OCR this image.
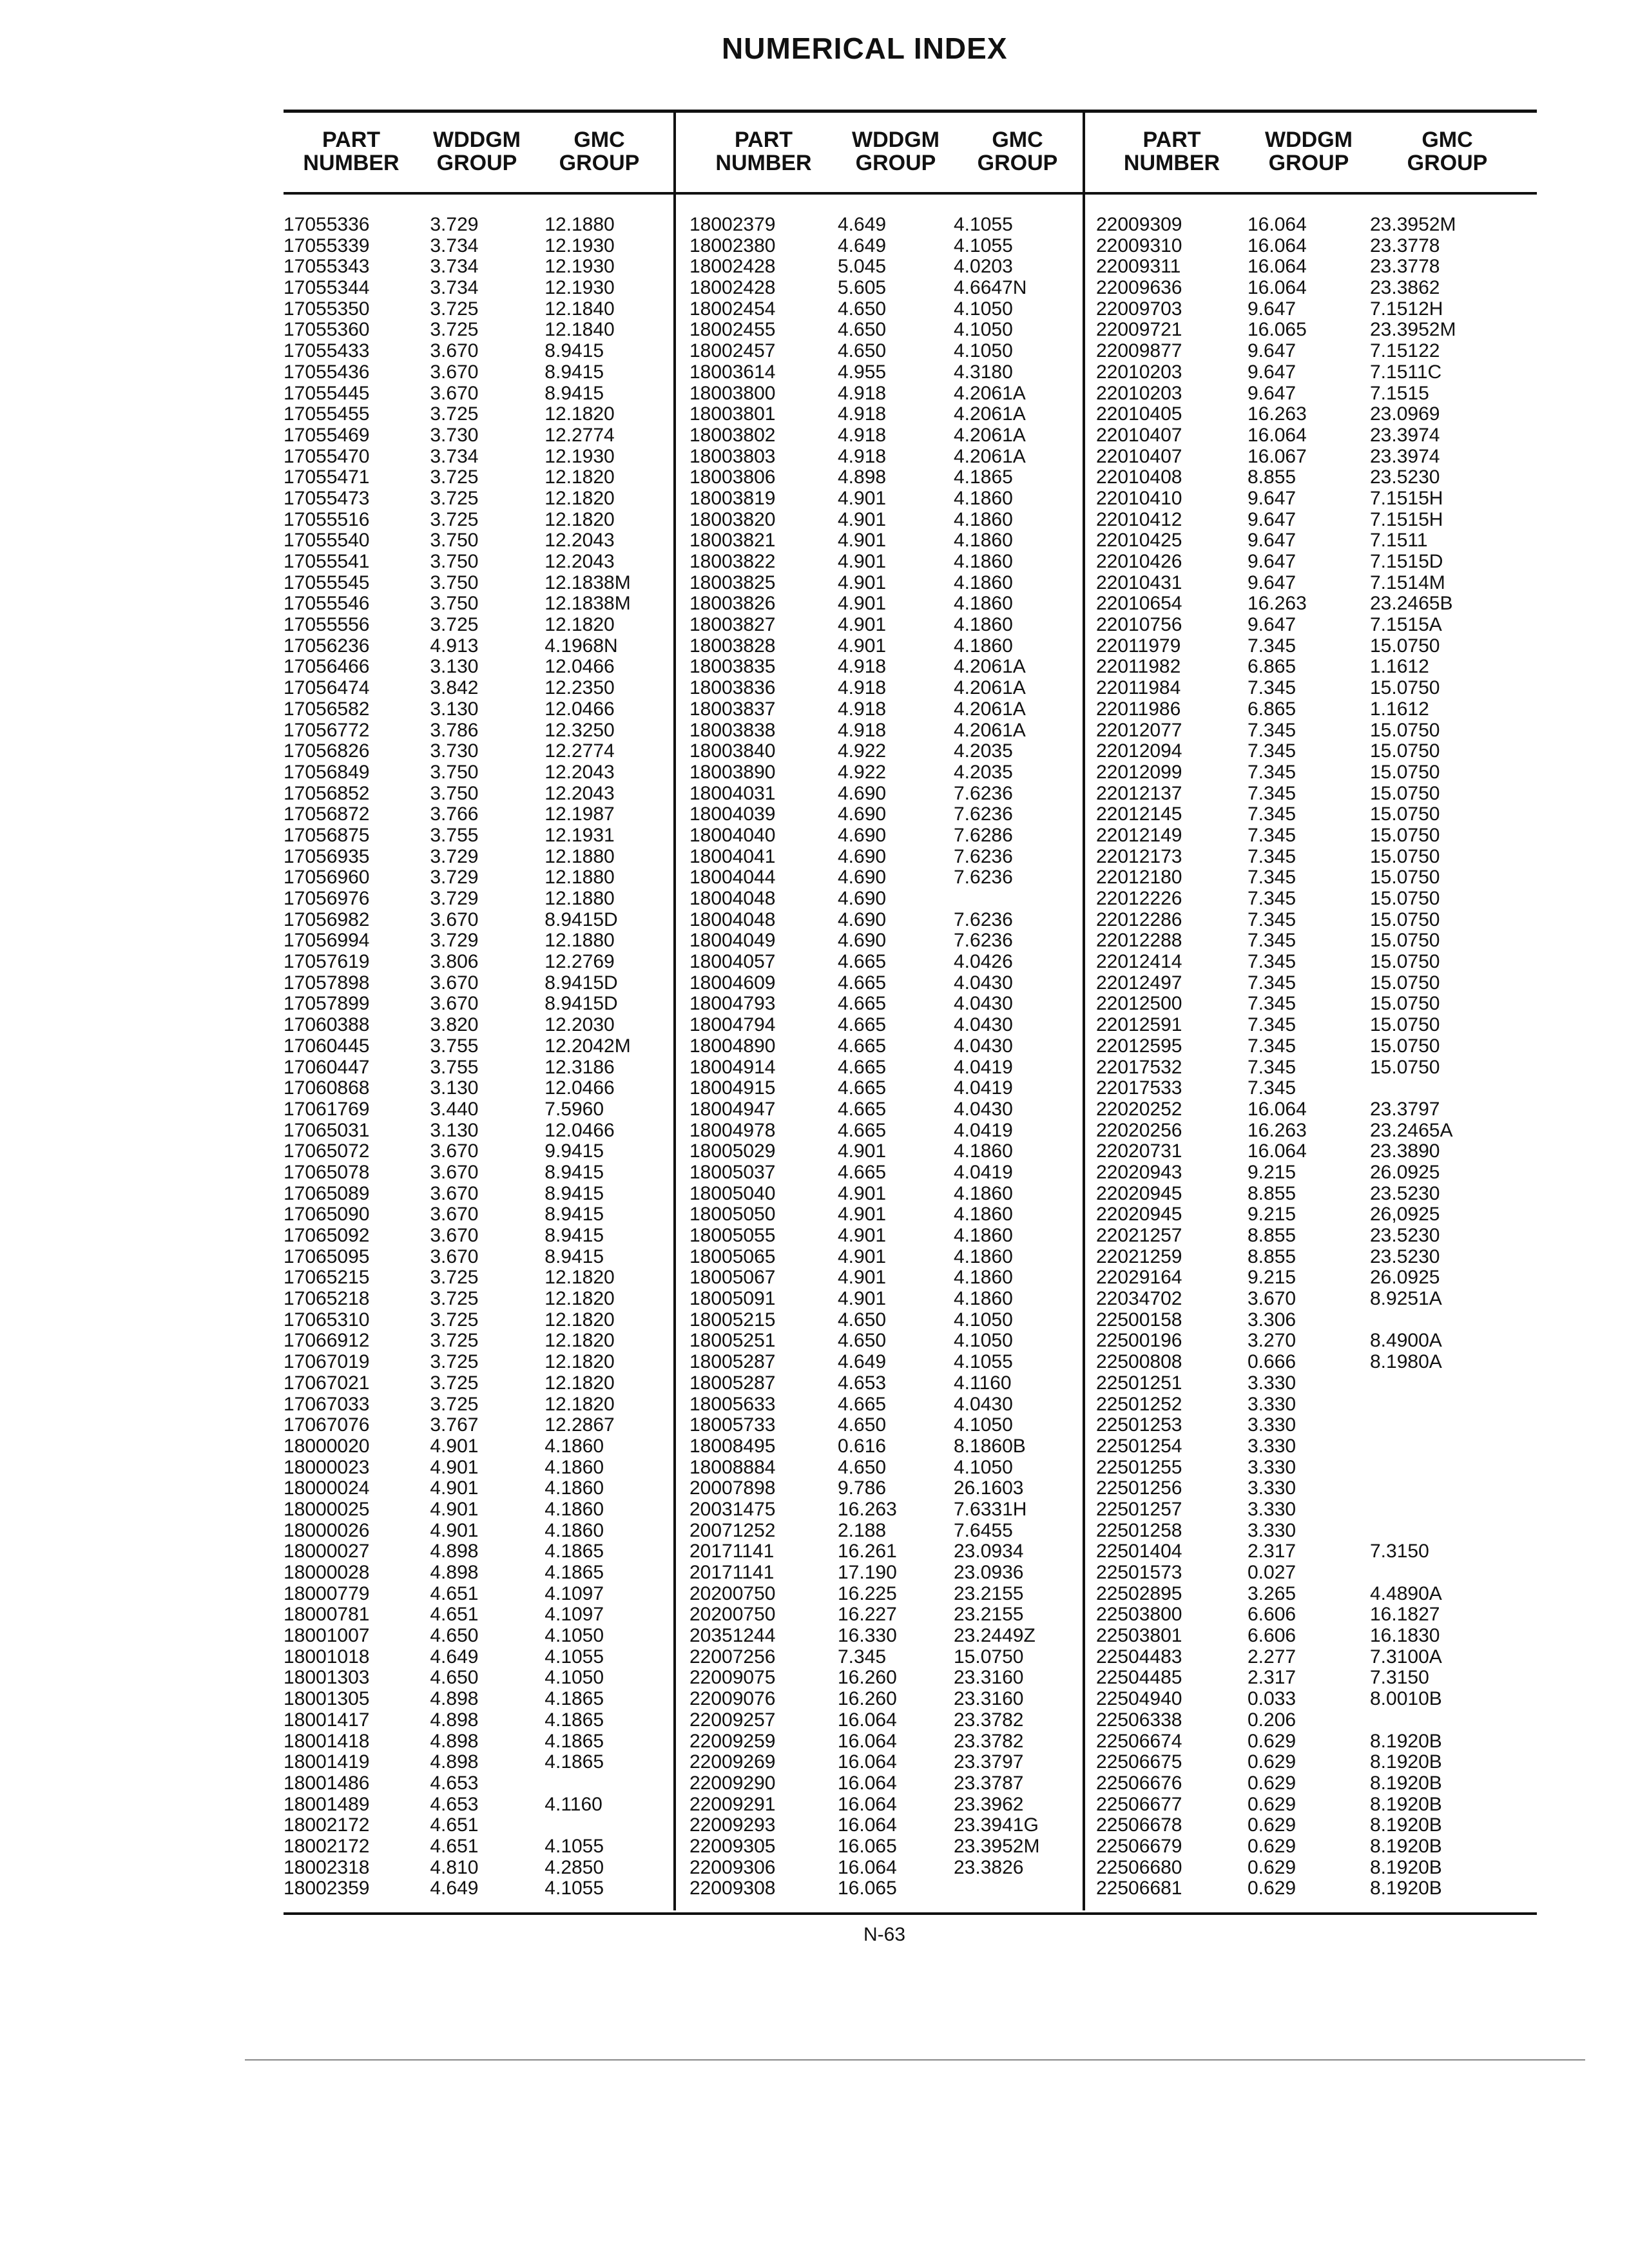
NUMERICAL INDEX
PART
NUMBER
WDDGM
GROUP
GMC
GROUP
17055336	3.729	12.1880
17055339	3.734	12.1930
17055343	3.734	12.1930
17055344	3.734	12.1930
17055350	3.725	12.1840
17055360	3.725	12.1840
17055433	3.670	8.9415
17055436	3.670	8.9415
17055445	3.670	8.9415
17055455	3.725	12.1820
17055469	3.730	12.2774
17055470	3.734	12.1930
17055471	3.725	12.1820
17055473	3.725	12.1820
17055516	3.725	12.1820
17055540	3.750	12.2043
17055541	3.750	12.2043
17055545	3.750	12.1838M
17055546	3.750	12.1838M
17055556	3.725	12.1820
17056236	4.913	4.1968N
17056466	3.130	12.0466
17056474	3.842	12.2350
17056582	3.130	12.0466
17056772	3.786	12.3250
17056826	3.730	12.2774
17056849	3.750	12.2043
17056852	3.750	12.2043
17056872	3.766	12.1987
17056875	3.755	12.1931
17056935	3.729	12.1880
17056960	3.729	12.1880
17056976	3.729	12.1880
17056982	3.670	8.9415D
17056994	3.729	12.1880
17057619	3.806	12.2769
17057898	3.670	8.9415D
17057899	3.670	8.9415D
17060388	3.820	12.2030
17060445	3.755	12.2042M
17060447	3.755	12.3186
17060868	3.130	12.0466
17061769	3.440	7.5960
17065031	3.130	12.0466
17065072	3.670	9.9415
17065078	3.670	8.9415
17065089	3.670	8.9415
17065090	3.670	8.9415
17065092	3.670	8.9415
17065095	3.670	8.9415
17065215	3.725	12.1820
17065218	3.725	12.1820
17065310	3.725	12.1820
17066912	3.725	12.1820
17067019	3.725	12.1820
17067021	3.725	12.1820
17067033	3.725	12.1820
17067076	3.767	12.2867
18000020	4.901	4.1860
18000023	4.901	4.1860
18000024	4.901	4.1860
18000025	4.901	4.1860
18000026	4.901	4.1860
18000027	4.898	4.1865
18000028	4.898	4.1865
18000779	4.651	4.1097
18000781	4.651	4.1097
18001007	4.650	4.1050
18001018	4.649	4.1055
18001303	4.650	4.1050
18001305	4.898	4.1865
18001417	4.898	4.1865
18001418	4.898	4.1865
18001419	4.898	4.1865
18001486	4.653
18001489	4.653	4.1160
18002172	4.651
18002172	4.651	4.1055
18002318	4.810	4.2850
18002359	4.649	4.1055
PART
NUMBER
WDDGM
GROUP
GMC
GROUP
18002379	4.649	4.1055
18002380	4.649	4.1055
18002428	5.045	4.0203
18002428	5.605	4.6647N
18002454	4.650	4.1050
18002455	4.650	4.1050
18002457	4.650	4.1050
18003614	4.955	4.3180
18003800	4.918	4.2061A
18003801	4.918	4.2061A
18003802	4.918	4.2061A
18003803	4.918	4.2061A
18003806	4.898	4.1865
18003819	4.901	4.1860
18003820	4.901	4.1860
18003821	4.901	4.1860
18003822	4.901	4.1860
18003825	4.901	4.1860
18003826	4.901	4.1860
18003827	4.901	4.1860
18003828	4.901	4.1860
18003835	4.918	4.2061A
18003836	4.918	4.2061A
18003837	4.918	4.2061A
18003838	4.918	4.2061A
18003840	4.922	4.2035
18003890	4.922	4.2035
18004031	4.690	7.6236
18004039	4.690	7.6236
18004040	4.690	7.6286
18004041	4.690	7.6236
18004044	4.690	7.6236
18004048	4.690
18004048	4.690	7.6236
18004049	4.690	7.6236
18004057	4.665	4.0426
18004609	4.665	4.0430
18004793	4.665	4.0430
18004794	4.665	4.0430
18004890	4.665	4.0430
18004914	4.665	4.0419
18004915	4.665	4.0419
18004947	4.665	4.0430
18004978	4.665	4.0419
18005029	4.901	4.1860
18005037	4.665	4.0419
18005040	4.901	4.1860
18005050	4.901	4.1860
18005055	4.901	4.1860
18005065	4.901	4.1860
18005067	4.901	4.1860
18005091	4.901	4.1860
18005215	4.650	4.1050
18005251	4.650	4.1050
18005287	4.649	4.1055
18005287	4.653	4.1160
18005633	4.665	4.0430
18005733	4.650	4.1050
18008495	0.616	8.1860B
18008884	4.650	4.1050
20007898	9.786	26.1603
20031475	16.263	7.6331H
20071252	2.188	7.6455
20171141	16.261	23.0934
20171141	17.190	23.0936
20200750	16.225	23.2155
20200750	16.227	23.2155
20351244	16.330	23.2449Z
22007256	7.345	15.0750
22009075	16.260	23.3160
22009076	16.260	23.3160
22009257	16.064	23.3782
22009259	16.064	23.3782
22009269	16.064	23.3797
22009290	16.064	23.3787
22009291	16.064	23.3962
22009293	16.064	23.3941G
22009305	16.065	23.3952M
22009306	16.064	23.3826
22009308	16.065
PART
NUMBER
WDDGM
GROUP
GMC
GROUP
22009309	16.064	23.3952M
22009310	16.064	23.3778
22009311	16.064	23.3778
22009636	16.064	23.3862
22009703	9.647	7.1512H
22009721	16.065	23.3952M
22009877	9.647	7.15122
22010203	9.647	7.1511C
22010203	9.647	7.1515
22010405	16.263	23.0969
22010407	16.064	23.3974
22010407	16.067	23.3974
22010408	8.855	23.5230
22010410	9.647	7.1515H
22010412	9.647	7.1515H
22010425	9.647	7.1511
22010426	9.647	7.1515D
22010431	9.647	7.1514M
22010654	16.263	23.2465B
22010756	9.647	7.1515A
22011979	7.345	15.0750
22011982	6.865	1.1612
22011984	7.345	15.0750
22011986	6.865	1.1612
22012077	7.345	15.0750
22012094	7.345	15.0750
22012099	7.345	15.0750
22012137	7.345	15.0750
22012145	7.345	15.0750
22012149	7.345	15.0750
22012173	7.345	15.0750
22012180	7.345	15.0750
22012226	7.345	15.0750
22012286	7.345	15.0750
22012288	7.345	15.0750
22012414	7.345	15.0750
22012497	7.345	15.0750
22012500	7.345	15.0750
22012591	7.345	15.0750
22012595	7.345	15.0750
22017532	7.345	15.0750
22017533	7.345
22020252	16.064	23.3797
22020256	16.263	23.2465A
22020731	16.064	23.3890
22020943	9.215	26.0925
22020945	8.855	23.5230
22020945	9.215	26,0925
22021257	8.855	23.5230
22021259	8.855	23.5230
22029164	9.215	26.0925
22034702	3.670	8.9251A
22500158	3.306
22500196	3.270	8.4900A
22500808	0.666	8.1980A
22501251	3.330
22501252	3.330
22501253	3.330
22501254	3.330
22501255	3.330
22501256	3.330
22501257	3.330
22501258	3.330
22501404	2.317	7.3150
22501573	0.027
22502895	3.265	4.4890A
22503800	6.606	16.1827
22503801	6.606	16.1830
22504483	2.277	7.3100A
22504485	2.317	7.3150
22504940	0.033	8.0010B
22506338	0.206
22506674	0.629	8.1920B
22506675	0.629	8.1920B
22506676	0.629	8.1920B
22506677	0.629	8.1920B
22506678	0.629	8.1920B
22506679	0.629	8.1920B
22506680	0.629	8.1920B
22506681	0.629	8.1920B
N-63
